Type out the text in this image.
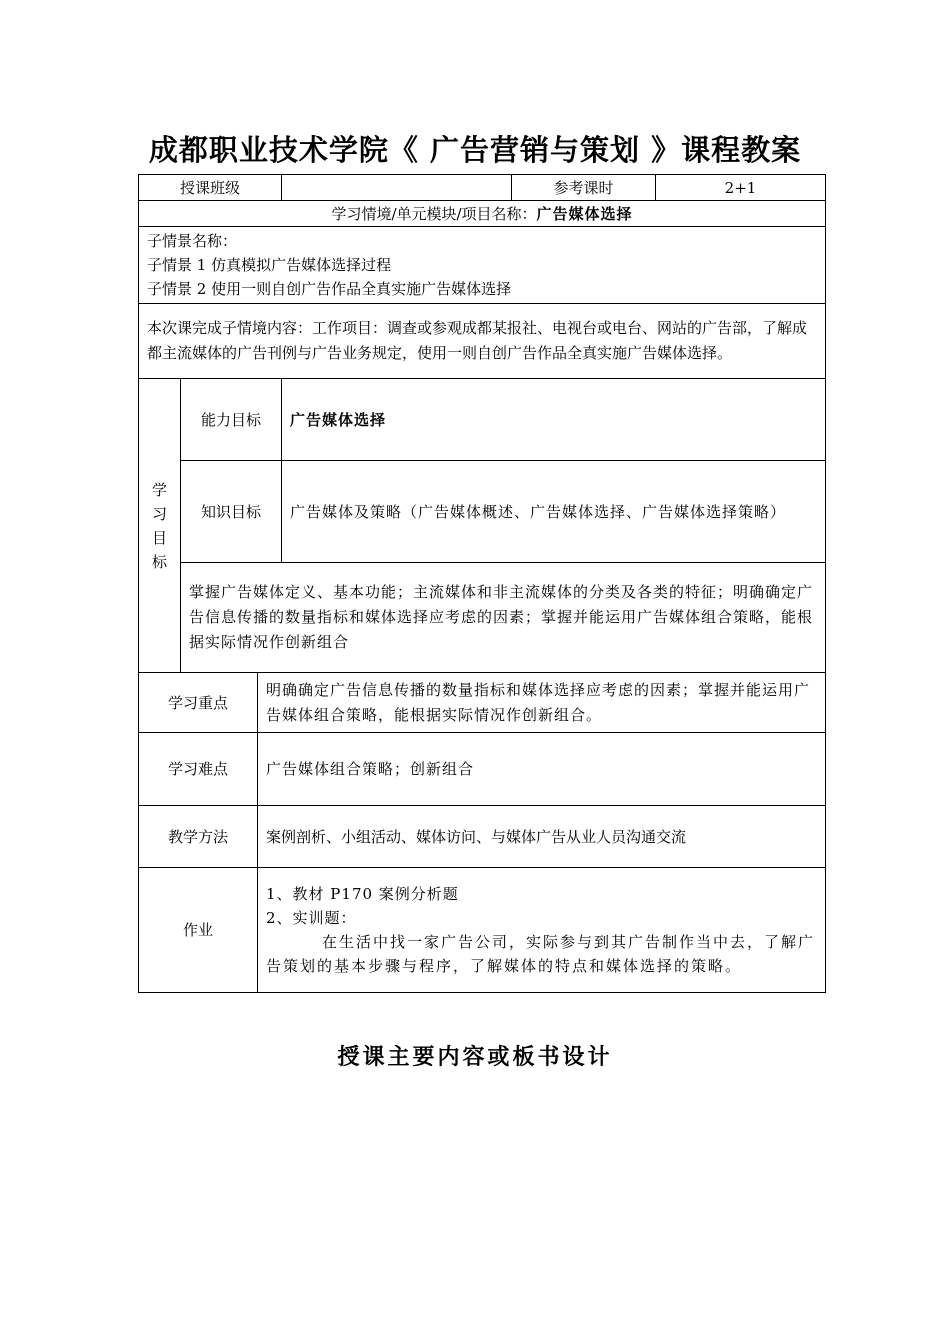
成都职业技术学院《 广告营销与策划 》课程教案
授课班级				参考课时	2+1
学习情境/单元模块/项目名称：广告媒体选择					

子情景名称：
子情景 1 仿真模拟广告媒体选择过程
子情景 2 使用一则自创广告作品全真实施广告媒体选择					

本次课完成子情境内容：工作项目：调查或参观成都某报社、电视台或电台、网站的广告部，了解成都主流媒体的广告刊例与广告业务规定，使用一则自创广告作品全真实施广告媒体选择。					

学
习
目
标	能力目标		广告媒体选择		
	知识目标		广告媒体及策略（广告媒体概述、广告媒体选择、广告媒体选择策略）		
	掌握广告媒体定义、基本功能；主流媒体和非主流媒体的分类及各类的特征；明确确定广告信息传播的数量指标和媒体选择应考虑的因素；掌握并能运用广告媒体组合策略，能根据实际情况作创新组合				
学习重点		明确确定广告信息传播的数量指标和媒体选择应考虑的因素；掌握并能运用广告媒体组合策略，能根据实际情况作创新组合。			
学习难点		广告媒体组合策略；创新组合			
教学方法		案例剖析、小组活动、媒体访问、与媒体广告从业人员沟通交流			
作业		1、教材 P170 案例分析题
2、实训题：
在生活中找一家广告公司，实际参与到其广告制作当中去，了解广告策划的基本步骤与程序，了解媒体的特点和媒体选择的策略。			
授课主要内容或板书设计
